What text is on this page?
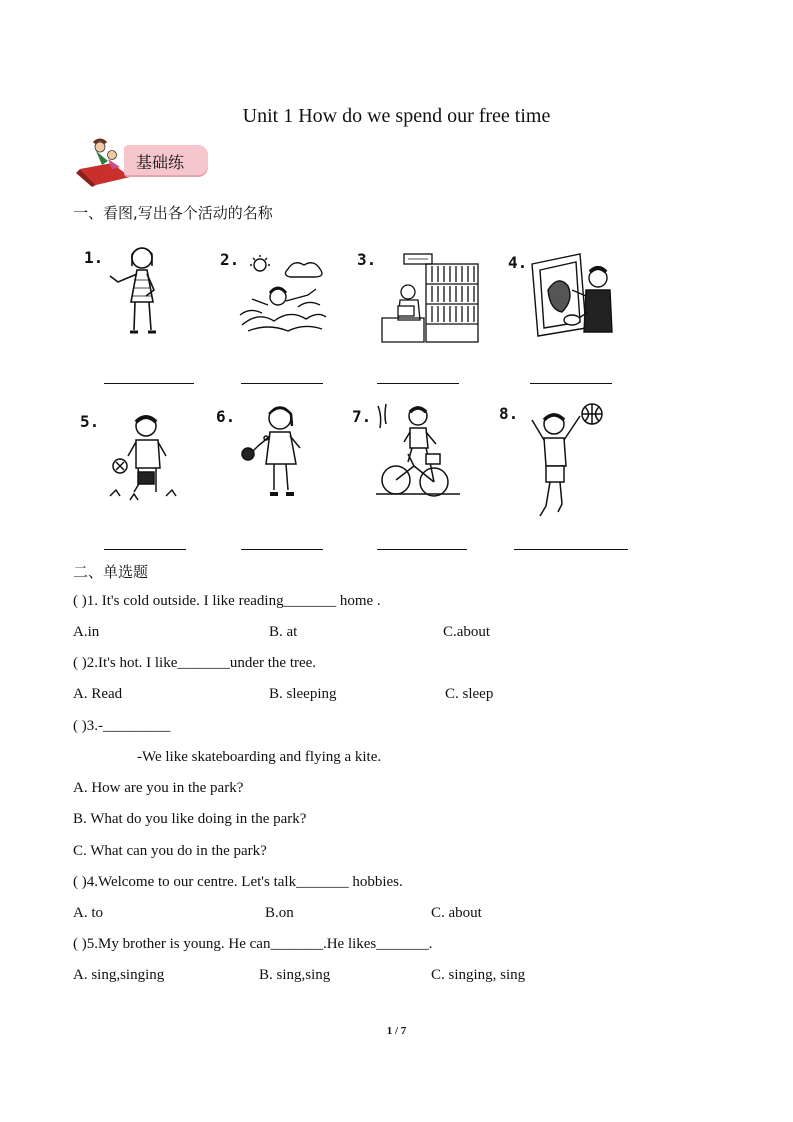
Unit 1 How do we spend our free time
基础练
一、看图,写出各个活动的名称
1.	2.	3.	4.
5.	6.	7.	8.
二、单选题
( )1. It's cold outside. I like reading_______ home .
A.in	B. at	C.about
( )2.It's hot. I like_______under the tree.
A. Read	B. sleeping	C. sleep
( )3.-_________
-We like skateboarding and flying a kite.
A. How are you in the park?
B. What do you like doing in the park?
C. What can you do in the park?
( )4.Welcome to our centre. Let's talk_______ hobbies.
A. to	B.on	C. about
( )5.My brother is young. He can_______.He likes_______.
A. sing,singing	B. sing,sing	C. singing, sing
1 / 7
